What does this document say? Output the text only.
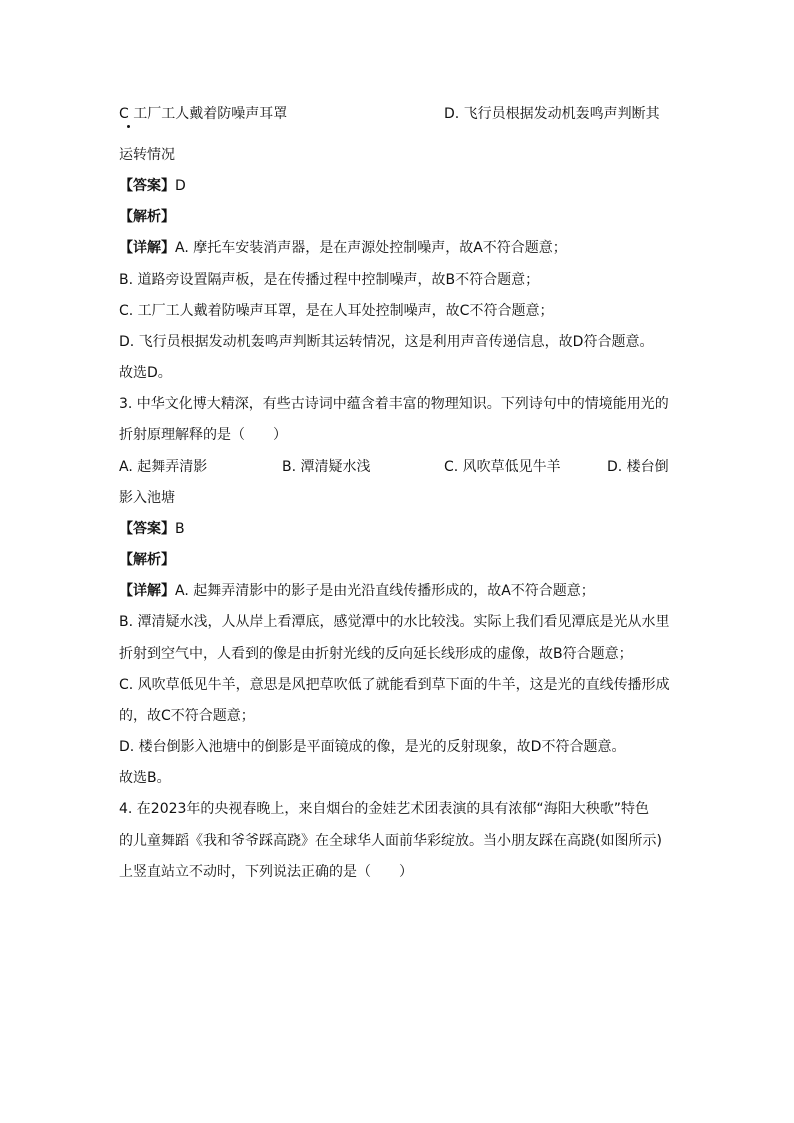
C 工厂工人戴着防噪声耳罩	D. 飞行员根据发动机轰鸣声判断其
运转情况
【答案】D
【解析】
【详解】A. 摩托车安装消声器，是在声源处控制噪声，故A不符合题意；
B. 道路旁设置隔声板，是在传播过程中控制噪声，故B不符合题意；
C. 工厂工人戴着防噪声耳罩，是在人耳处控制噪声，故C不符合题意；
D. 飞行员根据发动机轰鸣声判断其运转情况，这是利用声音传递信息，故D符合题意。
故选D。
3. 中华文化博大精深，有些古诗词中蕴含着丰富的物理知识。下列诗句中的情境能用光的
折射原理解释的是（　　）
A. 起舞弄清影	B. 潭清疑水浅	C. 风吹草低见牛羊	D. 楼台倒
影入池塘
【答案】B
【解析】
【详解】A. 起舞弄清影中的影子是由光沿直线传播形成的，故A不符合题意；
B. 潭清疑水浅，人从岸上看潭底，感觉潭中的水比较浅。实际上我们看见潭底是光从水里
折射到空气中，人看到的像是由折射光线的反向延长线形成的虚像，故B符合题意；
C. 风吹草低见牛羊，意思是风把草吹低了就能看到草下面的牛羊，这是光的直线传播形成
的，故C不符合题意；
D. 楼台倒影入池塘中的倒影是平面镜成的像，是光的反射现象，故D不符合题意。
故选B。
4. 在2023年的央视春晚上，来自烟台的金娃艺术团表演的具有浓郁“海阳大秧歌”特色
的儿童舞蹈《我和爷爷踩高跷》在全球华人面前华彩绽放。当小朋友踩在高跷(如图所示)
上竖直站立不动时，下列说法正确的是（　　）
